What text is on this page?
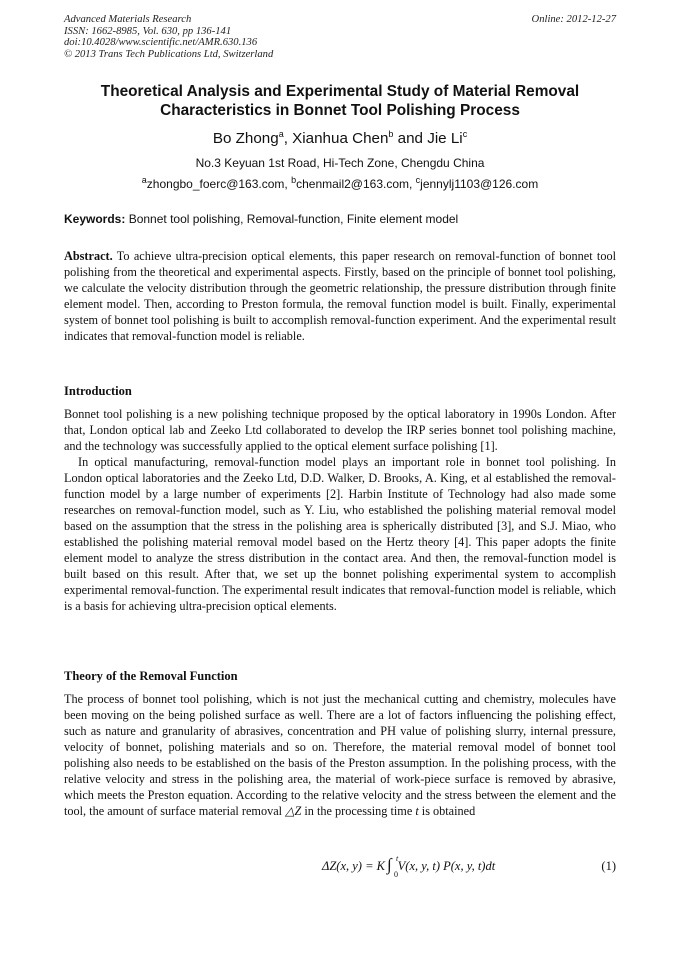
Advanced Materials Research
ISSN: 1662-8985, Vol. 630, pp 136-141
doi:10.4028/www.scientific.net/AMR.630.136
© 2013 Trans Tech Publications Ltd, Switzerland
Online: 2012-12-27
Theoretical Analysis and Experimental Study of Material Removal
Characteristics in Bonnet Tool Polishing Process
Bo Zhong$^a$, Xianhua Chen$^b$ and Jie Li$^c$
No.3 Keyuan 1st Road, Hi-Tech Zone, Chengdu China
$^a$zhongbo_foerc@163.com, $^b$chenmail2@163.com, $^c$jennylj1103@126.com
Keywords: Bonnet tool polishing, Removal-function, Finite element model

Abstract. To achieve ultra-precision optical elements, this paper research on removal-function of bonnet tool polishing from the theoretical and experimental aspects. Firstly, based on the principle of bonnet tool polishing, we calculate the velocity distribution through the geometric relationship, the pressure distribution through finite element model. Then, according to Preston formula, the removal function model is built. Finally, experimental system of bonnet tool polishing is built to accomplish removal-function experiment. And the experimental result indicates that removal-function model is reliable.

Introduction

Bonnet tool polishing is a new polishing technique proposed by the optical laboratory in 1990s London. After that, London optical lab and Zeeko Ltd collaborated to develop the IRP series bonnet tool polishing machine, and the technology was successfully applied to the optical element surface polishing [1].

In optical manufacturing, removal-function model plays an important role in bonnet tool polishing. In London optical laboratories and the Zeeko Ltd, D.D. Walker, D. Brooks, A. King, et al established the removal-function model by a large number of experiments [2]. Harbin Institute of Technology had also made some researches on removal-function model, such as Y. Liu, who established the polishing material removal model based on the assumption that the stress in the polishing area is spherically distributed [3], and S.J. Miao, who established the polishing material removal model based on the Hertz theory [4]. This paper adopts the finite element model to analyze the stress distribution in the contact area. And then, the removal-function model is built based on this result. After that, we set up the bonnet polishing experimental system to accomplish experimental removal-function. The experimental result indicates that removal-function model is reliable, which is a basis for achieving ultra-precision optical elements.

Theory of the Removal Function

The process of bonnet tool polishing, which is not just the mechanical cutting and chemistry, molecules have been moving on the being polished surface as well. There are a lot of factors influencing the polishing effect, such as nature and granularity of abrasives, concentration and PH value of polishing slurry, internal pressure, velocity of bonnet, polishing materials and so on. Therefore, the material removal model of bonnet tool polishing also needs to be established on the basis of the Preston assumption. In the polishing process, with the relative velocity and stress in the polishing area, the material of work-piece surface is removed by abrasive, which meets the Preston equation. According to the relative velocity and the stress between the element and the tool, the amount of surface material removal △Z in the processing time t is obtained

ΔZ(x, y) = K ∫ t
0
V(x, y, t) P(x, y, t)dt	(1)
